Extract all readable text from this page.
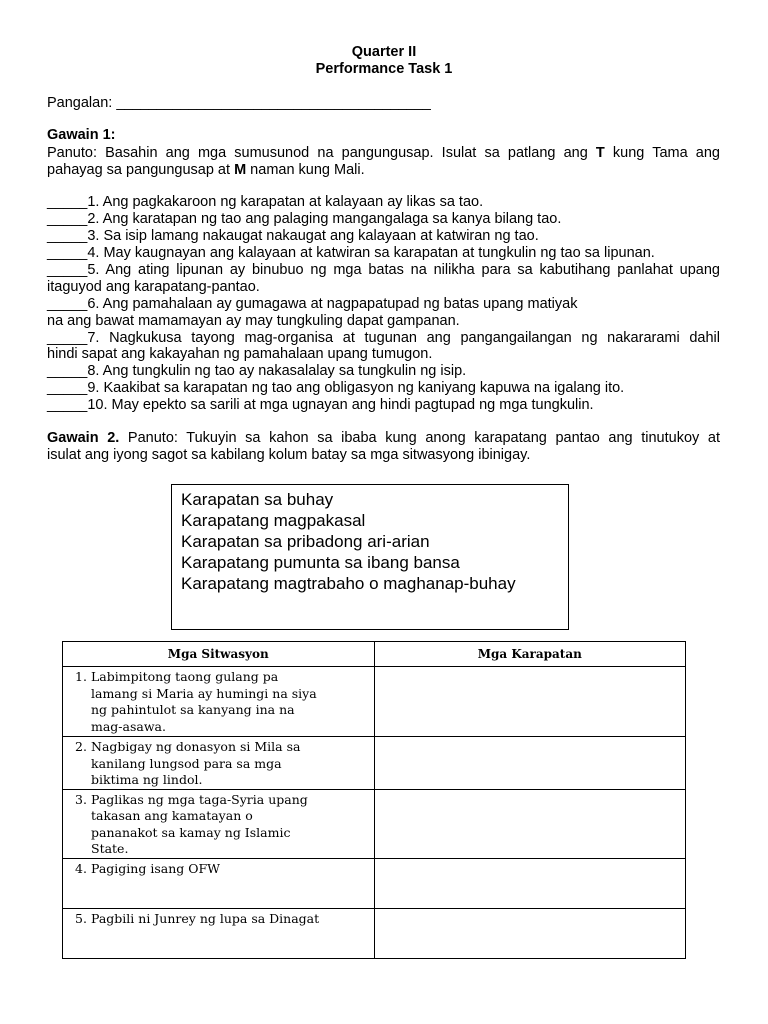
Quarter II
Performance Task 1
Pangalan: _______________________________________
Gawain 1:
Panuto: Basahin ang mga sumusunod na pangungusap. Isulat sa patlang ang T kung Tama ang
pahayag sa pangungusap at M naman kung Mali.
_____1. Ang pagkakaroon ng karapatan at kalayaan ay likas sa tao.
_____2. Ang karatapan ng tao ang palaging mangangalaga sa kanya bilang tao.
_____3. Sa isip lamang nakaugat nakaugat ang kalayaan at katwiran ng tao.
_____4. May kaugnayan ang kalayaan at katwiran sa karapatan at tungkulin ng tao sa lipunan.
_____5. Ang ating lipunan ay binubuo ng mga batas na nilikha para sa kabutihang panlahat upang
itaguyod ang karapatang-pantao.
_____6. Ang pamahalaan ay gumagawa at nagpapatupad ng batas upang matiyak
na ang bawat mamamayan ay may tungkuling dapat gampanan.
_____7. Nagkukusa tayong mag-organisa at tugunan ang pangangailangan ng nakararami dahil
hindi sapat ang kakayahan ng pamahalaan upang tumugon.
_____8. Ang tungkulin ng tao ay nakasalalay sa tungkulin ng isip.
_____9. Kaakibat sa karapatan ng tao ang obligasyon ng kaniyang kapuwa na igalang ito.
_____10. May epekto sa sarili at mga ugnayan ang hindi pagtupad ng mga tungkulin.
Gawain 2. Panuto: Tukuyin sa kahon sa ibaba kung anong karapatang pantao ang tinutukoy at
isulat ang iyong sagot sa kabilang kolum batay sa mga sitwasyong ibinigay.
Karapatan sa buhay
Karapatang magpakasal
Karapatan sa pribadong ari-arian
Karapatang pumunta sa ibang bansa
Karapatang magtrabaho o maghanap-buhay
Mga Sitwasyon	Mga Karapatan

1. Labimpitong taong gulang pa
lamang si Maria ay humingi na siya
ng pahintulot sa kanyang ina na
mag-asawa.	

2. Nagbigay ng donasyon si Mila sa
kanilang lungsod para sa mga
biktima ng lindol.	

3. Paglikas ng mga taga-Syria upang
takasan ang kamatayan o
pananakot sa kamay ng Islamic
State.	

4. Pagiging isang OFW	

5. Pagbili ni Junrey ng lupa sa Dinagat	
